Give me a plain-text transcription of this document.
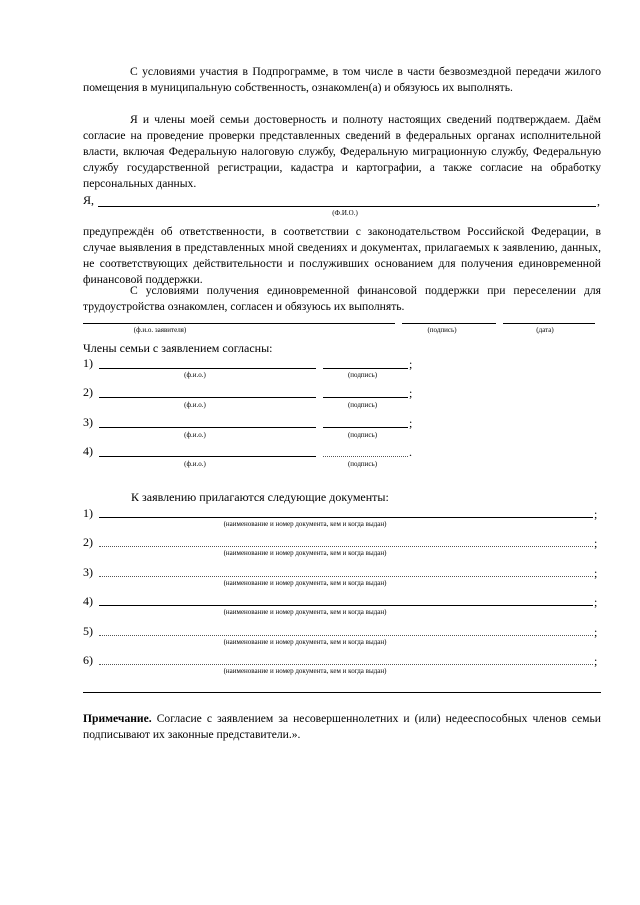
С условиями участия в Подпрограмме, в том числе в части безвозмездной передачи жилого помещения в муниципальную собственность, ознакомлен(а) и обязуюсь их выполнять.

Я и члены моей семьи достоверность и полноту настоящих сведений подтверждаем. Даём согласие на проведение проверки представленных сведений в федеральных органах исполнительной власти, включая Федеральную налоговую службу, Федеральную миграционную службу, Федеральную службу государственной регистрации, кадастра и картографии, а также согласие на обработку персональных данных.

Я,	,
(Ф.И.О.)

предупреждён об ответственности, в соответствии с законодательством Российской Федерации, в случае выявления в представленных мной сведениях и документах, прилагаемых к заявлению, данных, не соответствующих действительности и послуживших основанием для получения единовременной финансовой поддержки.

С условиями получения единовременной финансовой поддержки при переселении для трудоустройства ознакомлен, согласен и обязуюсь их выполнять.

(ф.и.о. заявителя)	(подпись)	(дата)
Члены семьи с заявлением согласны:
1)	;
(ф.и.о.)	(подпись)
2)	;
(ф.и.о.)	(подпись)
3)	;
(ф.и.о.)	(подпись)
4)	.
(ф.и.о.)	(подпись)
К заявлению прилагаются следующие документы:
1)	;
(наименование и номер документа, кем и когда выдан)
2)	;
(наименование и номер документа, кем и когда выдан)
3)	;
(наименование и номер документа, кем и когда выдан)
4)	;
(наименование и номер документа, кем и когда выдан)
5)	;
(наименование и номер документа, кем и когда выдан)
6)	;
(наименование и номер документа, кем и когда выдан)

Примечание. Согласие с заявлением за несовершеннолетних и (или) недееспособных членов семьи подписывают их законные представители.».
